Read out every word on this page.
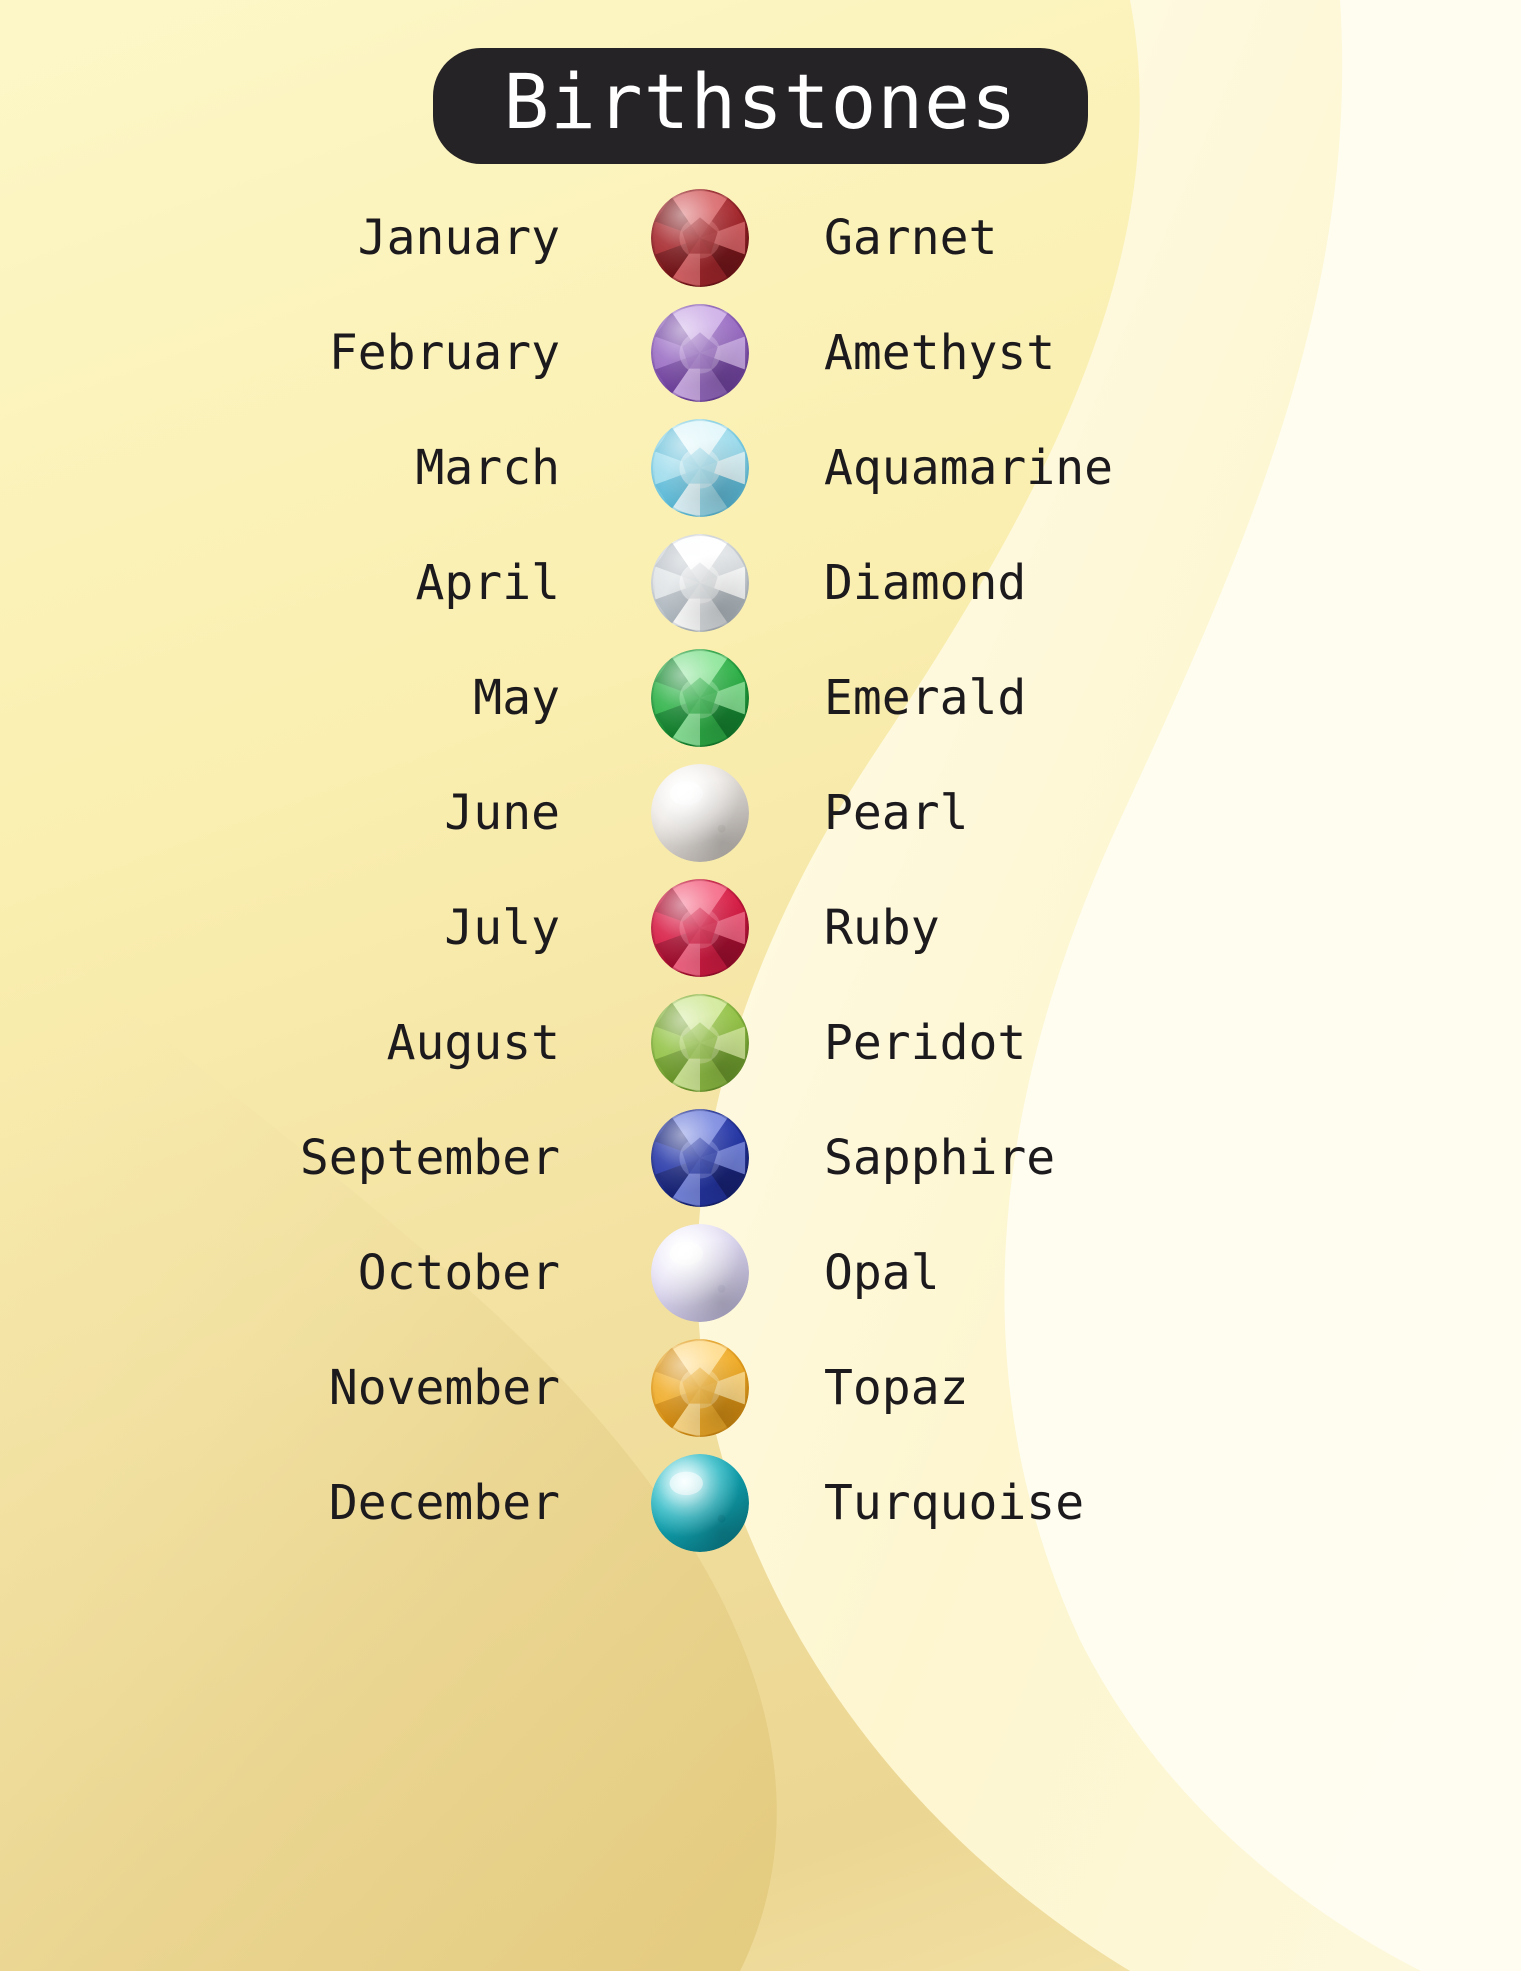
Birthstones
January	Garnet
February	Amethyst
March	Aquamarine
April	Diamond
May	Emerald
June	Pearl
July	Ruby
August	Peridot
September	Sapphire
October	Opal
November	Topaz
December	Turquoise
